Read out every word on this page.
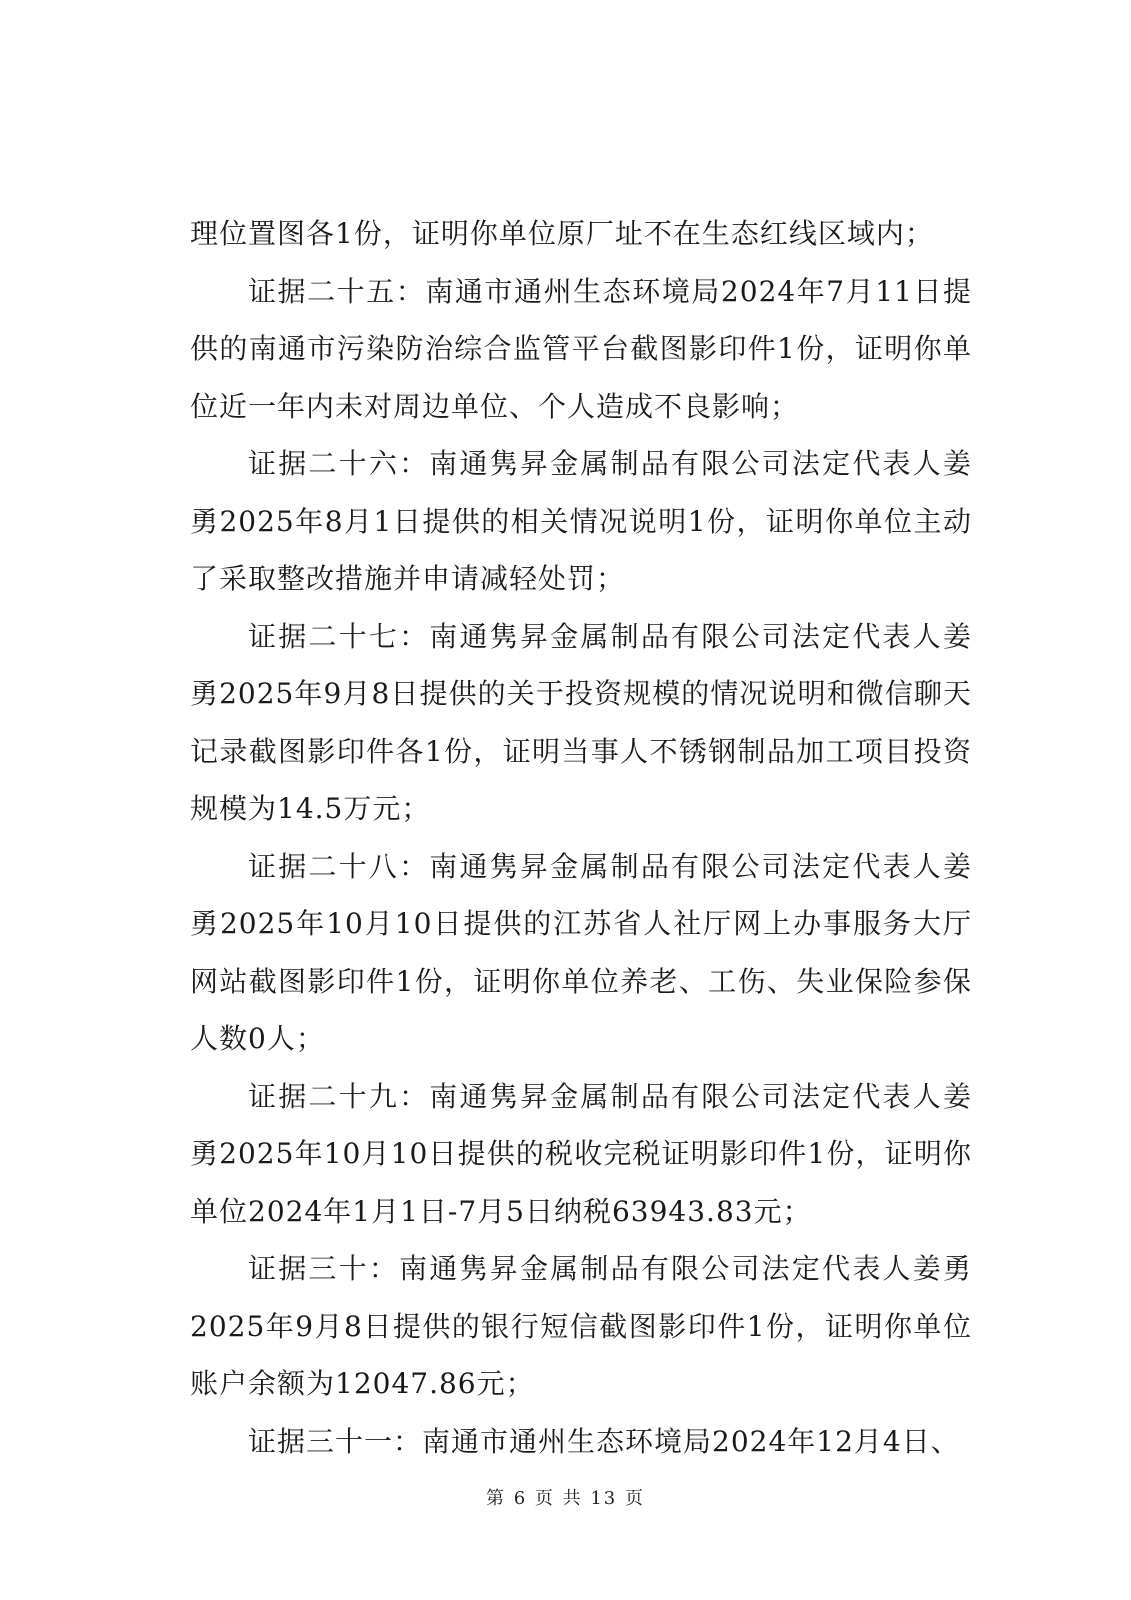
理位置图各1份，证明你单位原厂址不在生态红线区域内；

证据二十五：南通市通州生态环境局2024年7月11日提供的南通市污染防治综合监管平台截图影印件1份，证明你单位近一年内未对周边单位、个人造成不良影响；

证据二十六：南通隽昇金属制品有限公司法定代表人姜勇2025年8月1日提供的相关情况说明1份，证明你单位主动了采取整改措施并申请减轻处罚；

证据二十七：南通隽昇金属制品有限公司法定代表人姜勇2025年9月8日提供的关于投资规模的情况说明和微信聊天记录截图影印件各1份，证明当事人不锈钢制品加工项目投资规模为14.5万元；

证据二十八：南通隽昇金属制品有限公司法定代表人姜勇2025年10月10日提供的江苏省人社厅网上办事服务大厅网站截图影印件1份，证明你单位养老、工伤、失业保险参保人数0人；

证据二十九：南通隽昇金属制品有限公司法定代表人姜勇2025年10月10日提供的税收完税证明影印件1份，证明你单位2024年1月1日-7月5日纳税63943.83元；

证据三十：南通隽昇金属制品有限公司法定代表人姜勇2025年9月8日提供的银行短信截图影印件1份，证明你单位账户余额为12047.86元；

证据三十一：南通市通州生态环境局2024年12月4日、

第 6 页 共 13 页
